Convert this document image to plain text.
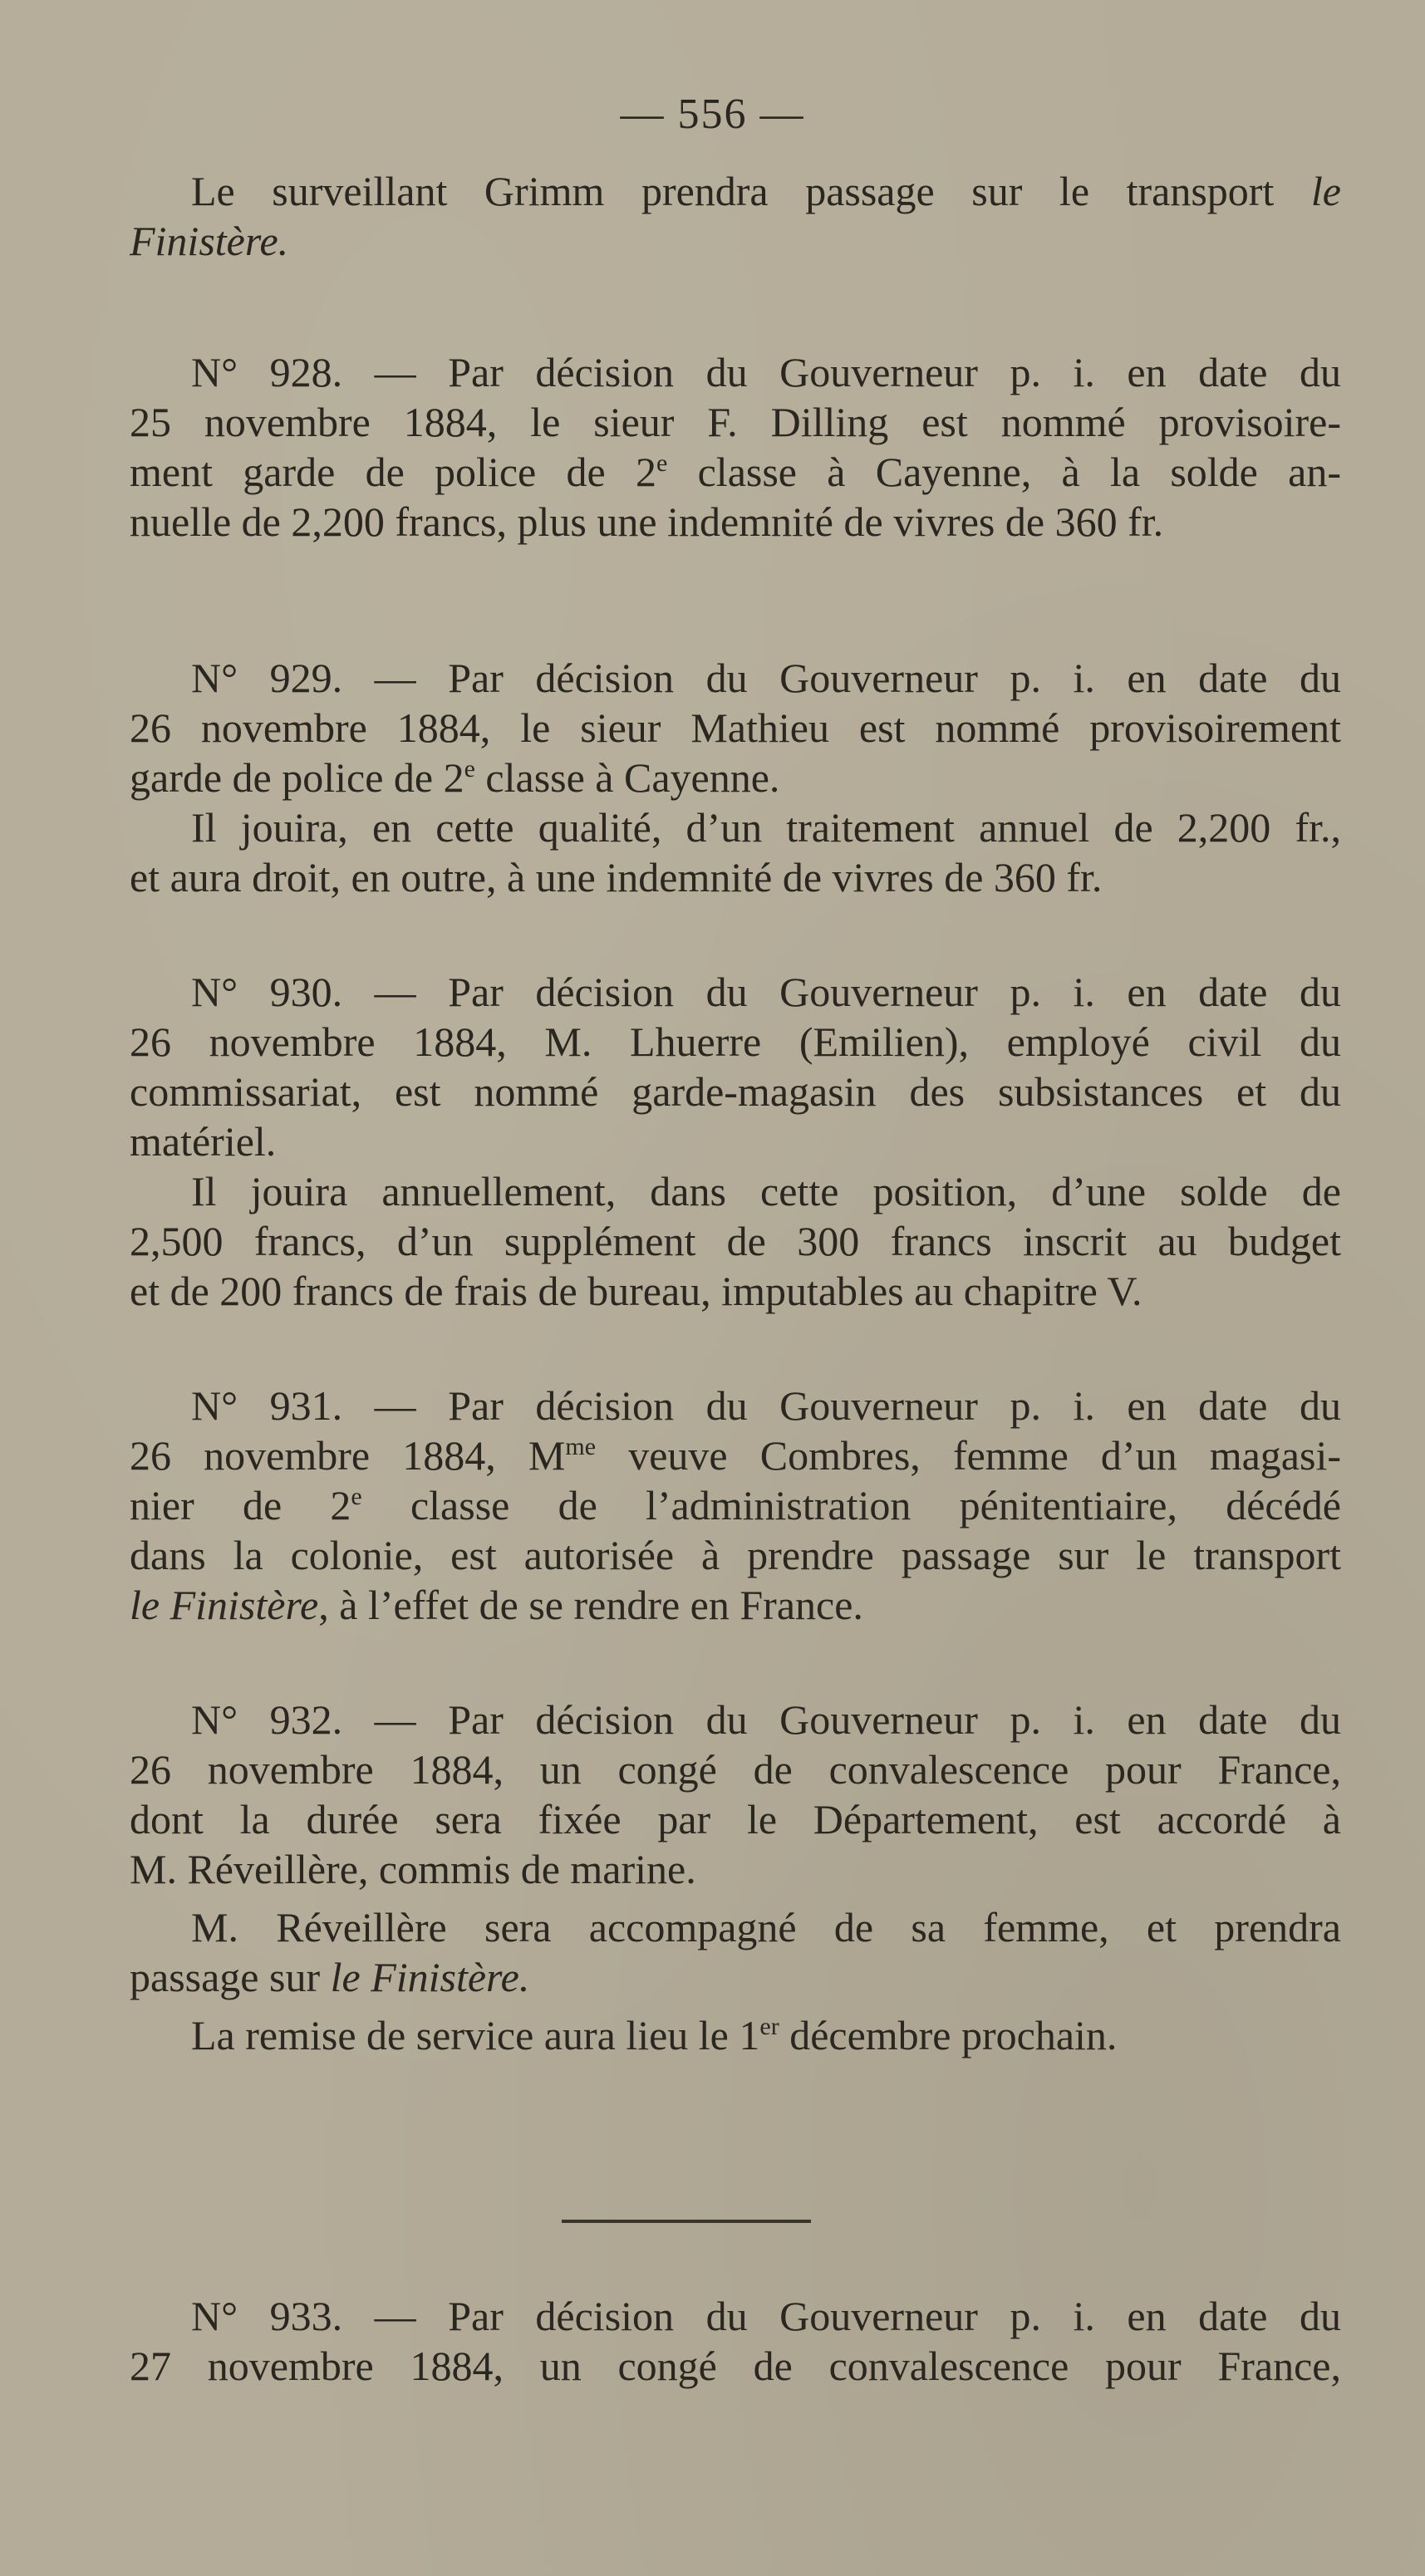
— 556 —
Le surveillant Grimm prendra passage sur le transport le
Finistère.
N° 928. — Par décision du Gouverneur p. i. en date du
25 novembre 1884, le sieur F. Dilling est nommé provisoire-
ment garde de police de 2e classe à Cayenne, à la solde an-
nuelle de 2,200 francs, plus une indemnité de vivres de 360 fr.
N° 929. — Par décision du Gouverneur p. i. en date du
26 novembre 1884, le sieur Mathieu est nommé provisoirement
garde de police de 2e classe à Cayenne.
Il jouira, en cette qualité, d’un traitement annuel de 2,200 fr.,
et aura droit, en outre, à une indemnité de vivres de 360 fr.
N° 930. — Par décision du Gouverneur p. i. en date du
26 novembre 1884, M. Lhuerre (Emilien), employé civil du
commissariat, est nommé garde-magasin des subsistances et du
matériel.
Il jouira annuellement, dans cette position, d’une solde de
2,500 francs, d’un supplément de 300 francs inscrit au budget
et de 200 francs de frais de bureau, imputables au chapitre V.
N° 931. — Par décision du Gouverneur p. i. en date du
26 novembre 1884, $M^{me}$ veuve Combres, femme d’un magasi-
nier de 2e classe de l’administration pénitentiaire, décédé
dans la colonie, est autorisée à prendre passage sur le transport
le Finistère, à l’effet de se rendre en France.
N° 932. — Par décision du Gouverneur p. i. en date du
26 novembre 1884, un congé de convalescence pour France,
dont la durée sera fixée par le Département, est accordé à
M. Réveillère, commis de marine.
M. Réveillère sera accompagné de sa femme, et prendra
passage sur le Finistère.
La remise de service aura lieu le 1er décembre prochain.
N° 933. — Par décision du Gouverneur p. i. en date du
27 novembre 1884, un congé de convalescence pour France,
